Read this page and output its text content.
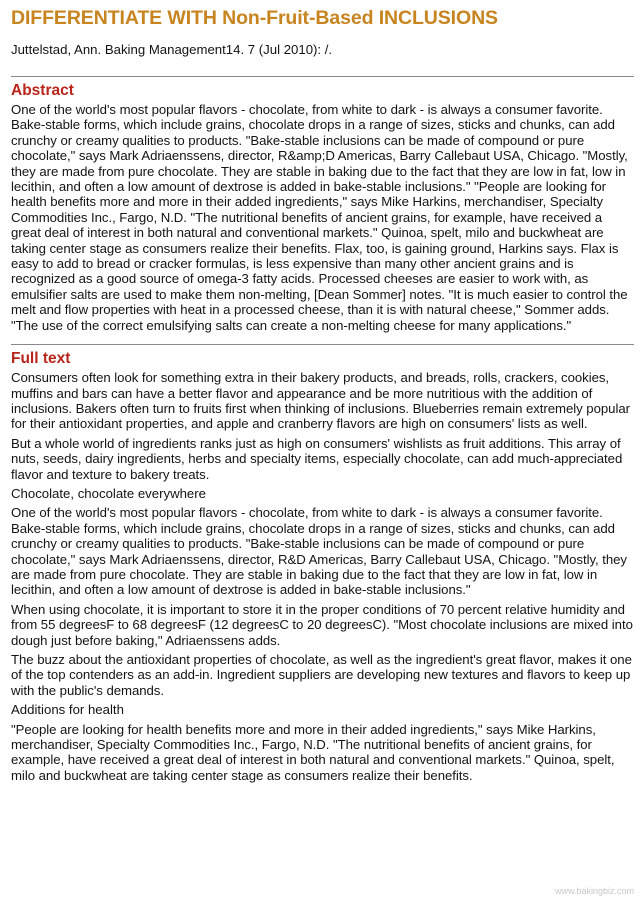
DIFFERENTIATE WITH Non-Fruit-Based INCLUSIONS

Juttelstad, Ann. Baking Management14. 7 (Jul 2010): /.

Abstract

One of the world's most popular flavors - chocolate, from white to dark - is always a consumer favorite. Bake-stable forms, which include grains, chocolate drops in a range of sizes, sticks and chunks, can add crunchy or creamy qualities to products. "Bake-stable inclusions can be made of compound or pure chocolate," says Mark Adriaenssens, director, R&amp;D Americas, Barry Callebaut USA, Chicago. "Mostly, they are made from pure chocolate. They are stable in baking due to the fact that they are low in fat, low in lecithin, and often a low amount of dextrose is added in bake-stable inclusions." "People are looking for health benefits more and more in their added ingredients," says Mike Harkins, merchandiser, Specialty Commodities Inc., Fargo, N.D. "The nutritional benefits of ancient grains, for example, have received a great deal of interest in both natural and conventional markets." Quinoa, spelt, milo and buckwheat are taking center stage as consumers realize their benefits. Flax, too, is gaining ground, Harkins says. Flax is easy to add to bread or cracker formulas, is less expensive than many other ancient grains and is recognized as a good source of omega-3 fatty acids. Processed cheeses are easier to work with, as emulsifier salts are used to make them non-melting, [Dean Sommer] notes. "It is much easier to control the melt and flow properties with heat in a processed cheese, than it is with natural cheese," Sommer adds. "The use of the correct emulsifying salts can create a non-melting cheese for many applications."

Full text

Consumers often look for something extra in their bakery products, and breads, rolls, crackers, cookies, muffins and bars can have a better flavor and appearance and be more nutritious with the addition of inclusions. Bakers often turn to fruits first when thinking of inclusions. Blueberries remain extremely popular for their antioxidant properties, and apple and cranberry flavors are high on consumers' lists as well.

But a whole world of ingredients ranks just as high on consumers' wishlists as fruit additions. This array of nuts, seeds, dairy ingredients, herbs and specialty items, especially chocolate, can add much-appreciated flavor and texture to bakery treats.

Chocolate, chocolate everywhere

One of the world's most popular flavors - chocolate, from white to dark - is always a consumer favorite. Bake-stable forms, which include grains, chocolate drops in a range of sizes, sticks and chunks, can add crunchy or creamy qualities to products. "Bake-stable inclusions can be made of compound or pure chocolate," says Mark Adriaenssens, director, R&D Americas, Barry Callebaut USA, Chicago. "Mostly, they are made from pure chocolate. They are stable in baking due to the fact that they are low in fat, low in lecithin, and often a low amount of dextrose is added in bake-stable inclusions."

When using chocolate, it is important to store it in the proper conditions of 70 percent relative humidity and from 55 degreesF to 68 degreesF (12 degreesC to 20 degreesC). "Most chocolate inclusions are mixed into dough just before baking," Adriaenssens adds.

The buzz about the antioxidant properties of chocolate, as well as the ingredient's great flavor, makes it one of the top contenders as an add-in. Ingredient suppliers are developing new textures and flavors to keep up with the public's demands.

Additions for health

"People are looking for health benefits more and more in their added ingredients," says Mike Harkins, merchandiser, Specialty Commodities Inc., Fargo, N.D. "The nutritional benefits of ancient grains, for example, have received a great deal of interest in both natural and conventional markets." Quinoa, spelt, milo and buckwheat are taking center stage as consumers realize their benefits.

www.bakingbiz.com
